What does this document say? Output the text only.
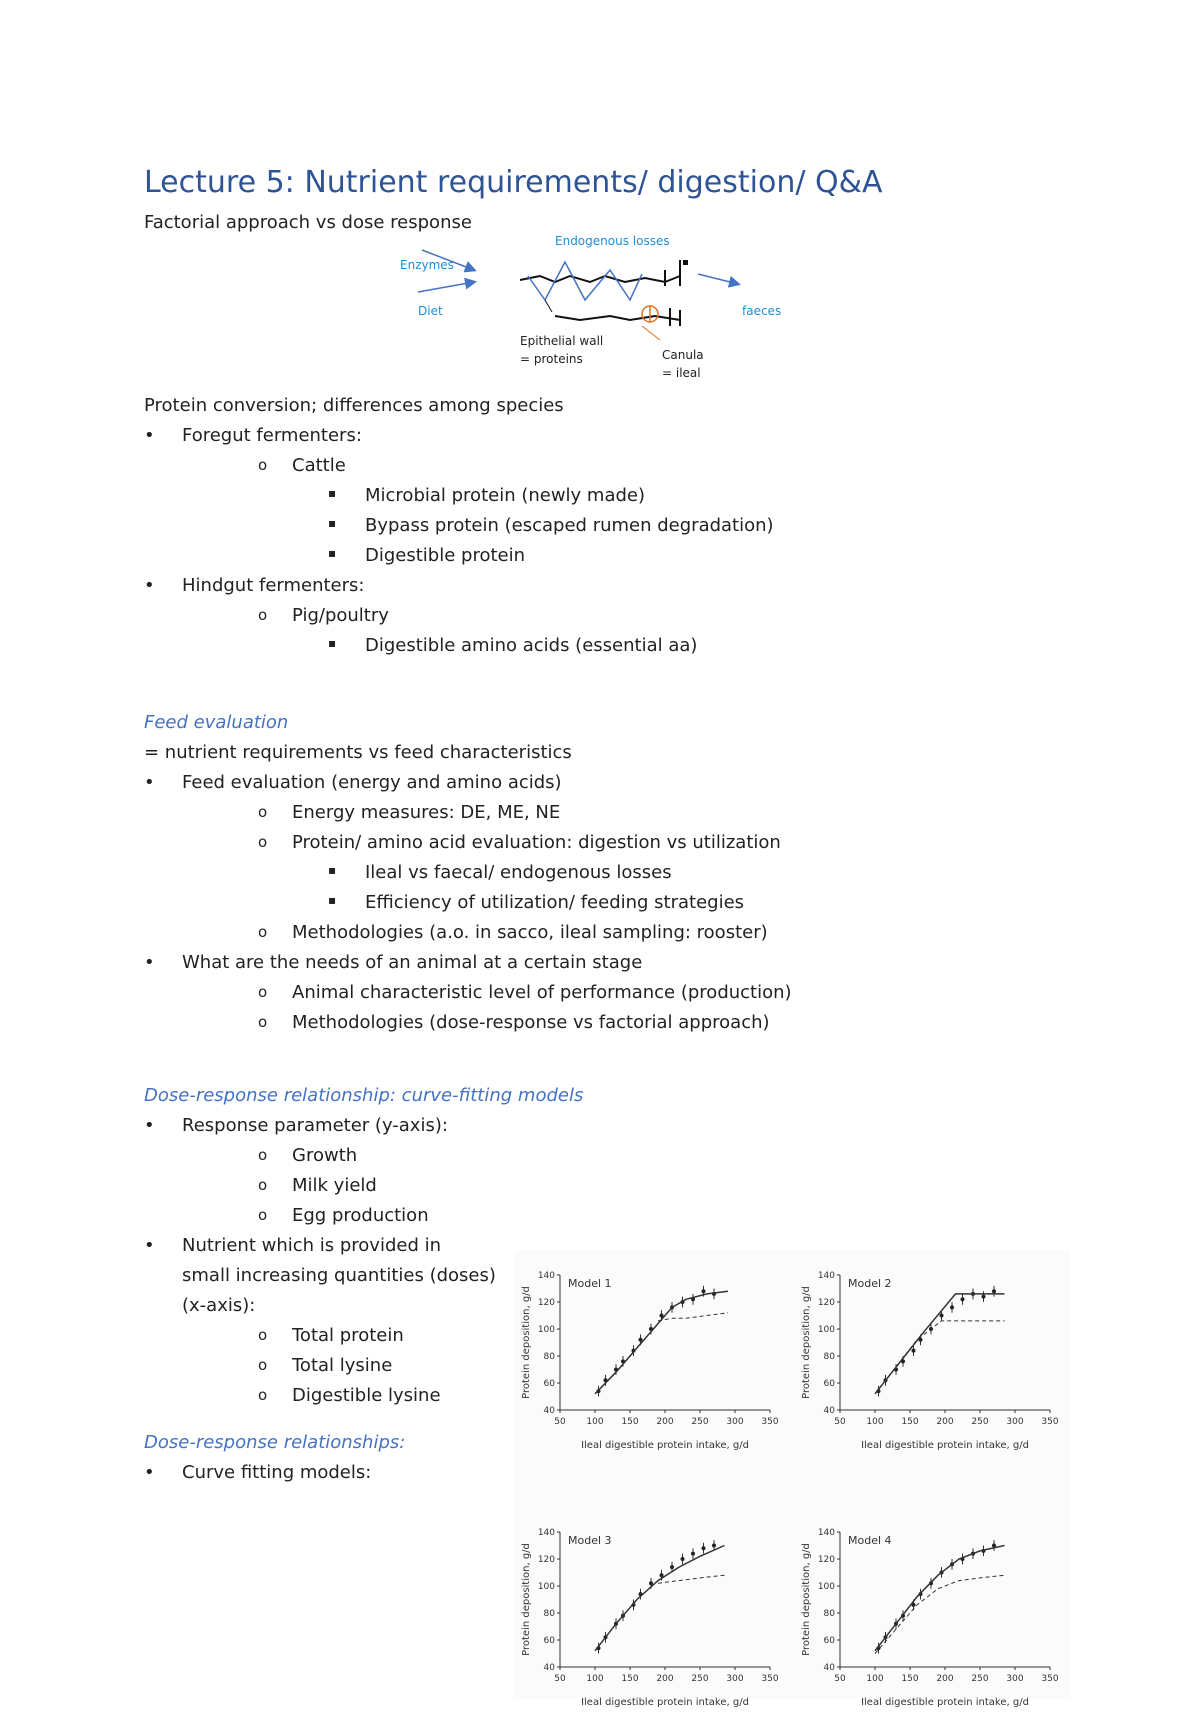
Lecture 5: Nutrient requirements/ digestion/ Q&A
Factorial approach vs dose response
Endogenous losses
Enzymes
Diet	faeces
Epithelial wall
= proteins	Canula
= ileal
Protein conversion; differences among species
• Foregut fermenters:
o Cattle
▪ Microbial protein (newly made)
▪ Bypass protein (escaped rumen degradation)
▪ Digestible protein
• Hindgut fermenters:
o Pig/poultry
▪ Digestible amino acids (essential aa)
Feed evaluation
= nutrient requirements vs feed characteristics
• Feed evaluation (energy and amino acids)
o Energy measures: DE, ME, NE
o Protein/ amino acid evaluation: digestion vs utilization
▪ Ileal vs faecal/ endogenous losses
▪ Efficiency of utilization/ feeding strategies
o Methodologies (a.o. in sacco, ileal sampling: rooster)
• What are the needs of an animal at a certain stage
o Animal characteristic level of performance (production)
o Methodologies (dose-response vs factorial approach)
Dose-response relationship: curve-fitting models
• Response parameter (y-axis):
o Growth
o Milk yield
o Egg production
• Nutrient which is provided in
small increasing quantities (doses)
(x-axis):
o Total protein
o Total lysine
o Digestible lysine
Dose-response relationships:
• Curve fitting models:
40
60
80
100
120
140
50 100 150 200 250 300 350
Model 1
Ileal digestible protein intake, g/d
Protein deposition, g/d
40
60
80
100
120
140
50 100 150 200 250 300 350
Model 2
Ileal digestible protein intake, g/d
Protein deposition, g/d
40
60
80
100
120
140
50 100 150 200 250 300 350
Model 3
Ileal digestible protein intake, g/d
Protein deposition, g/d
40
60
80
100
120
140
50 100 150 200 250 300 350
Model 4
Ileal digestible protein intake, g/d
Protein deposition, g/d
